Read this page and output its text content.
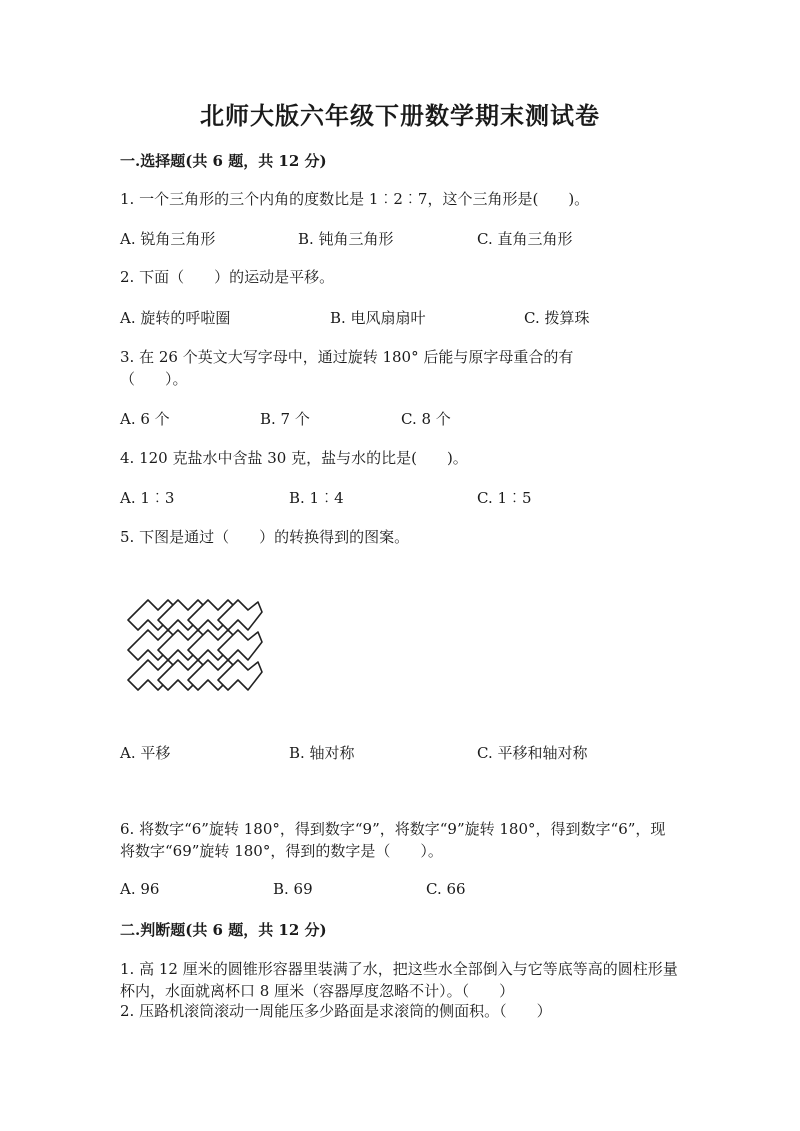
北师大版六年级下册数学期末测试卷
一.选择题(共 6 题，共 12 分)
1. 一个三角形的三个内角的度数比是 1︰2︰7，这个三角形是(　　)。
A. 锐角三角形	B. 钝角三角形	C. 直角三角形
2. 下面（　　）的运动是平移。
A. 旋转的呼啦圈	B. 电风扇扇叶	C. 拨算珠
3. 在 26 个英文大写字母中，通过旋转 180° 后能与原字母重合的有（　　）。
A. 6 个	B. 7 个	C. 8 个
4. 120 克盐水中含盐 30 克，盐与水的比是(　　)。
A. 1︰3	B. 1︰4	C. 1︰5
5. 下图是通过（　　）的转换得到的图案。
A. 平移	B. 轴对称	C. 平移和轴对称
6. 将数字“6”旋转 180°，得到数字“9”，将数字“9”旋转 180°，得到数字“6”，现将数字“69”旋转 180°，得到的数字是（　　）。
A. 96	B. 69	C. 66
二.判断题(共 6 题，共 12 分)
1. 高 12 厘米的圆锥形容器里装满了水，把这些水全部倒入与它等底等高的圆柱形量杯内，水面就离杯口 8 厘米（容器厚度忽略不计）。（　　）
2. 压路机滚筒滚动一周能压多少路面是求滚筒的侧面积。（　　）
